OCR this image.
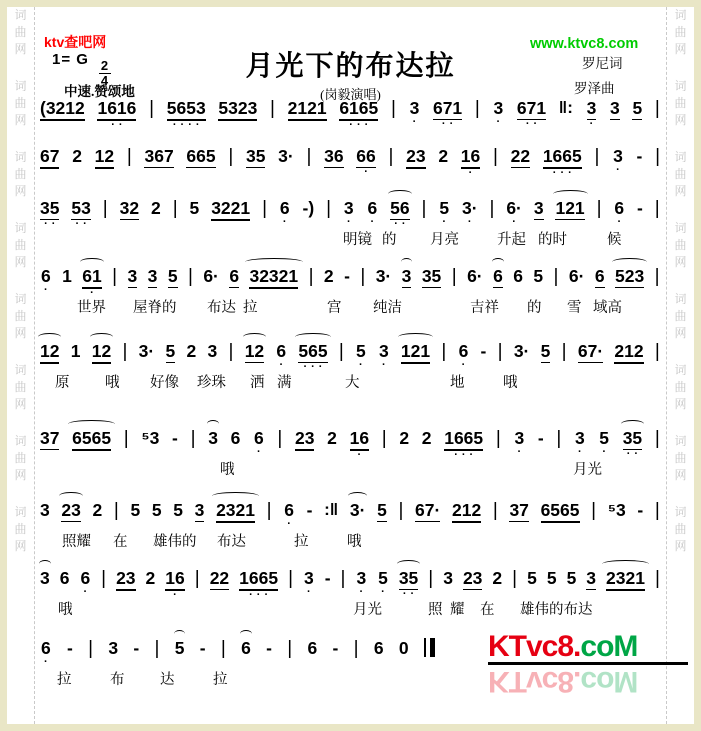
词
曲
网
词
曲
网
词
曲
网
词
曲
网
词
曲
网
词
曲
网
词
曲
网
词
曲
网
词
曲
网
词
曲
网
词
曲
网
词
曲
网
词
曲
网
词
曲
网
词
曲
网
词
曲
网
ktv查吧网
1= G
$\frac{2}{4}$
中速.赞颂地
月光下的布达拉
(岗毅演唱)
www.ktvc8.com
罗尼词
罗泽曲
(3212 1616
··
| 5653
····
5323 | 2121 6165
···
| 3
·
671
··
| 3
·
671
··
‖: 3
·
3 5 |
67 2 12 | 367 665 | 35 3· | 36 66
·
| 23 2 16
·
| 22 1665
···
| 3
·
- |
35
··
53
··
| 32 2 | 5 3221 | 6
·
-) | 3
·
6
·
56
··
| 5
·
3·
·
| 6·
·
3 121 | 6
·
- |
明镜 的 月亮	升起 的时	候
6
·
1 61
·
| 3 3 5 | 6· 6 32321 | 2 - | 3· 3 35 | 6· 6 6 5 | 6· 6 523 |
世界 屋脊的 布达 拉	宫 纯洁	吉祥 的 雪 域高
12 1 12 | 3· 5 2 3 | 12 6
·
565
···
| 5
·
3
·
121 | 6
·
- | 3· 5 | 67· 212 |
原 哦 好像 珍珠 洒 满	大	地	哦
37 6565 | ⁵3 - | 3 6 6
·
| 23 2 16
·
| 2 2 1665
···
| 3
·
- | 3
·
5
·
35
··
|
哦	月光
3 23 2 | 5 5 5 3 2321 | 6
·
- :‖ 3· 5 | 67· 212 | 37 6565 | ⁵3 - |
照耀 在 雄伟的 布达	拉	哦
3 6 6
·
| 23 2 16
·
| 22 1665
···
| 3
·
- | 3
·
5
·
35
··
| 3 23 2 | 5 5 5 3 2321 |
哦	月光	照 耀 在 雄伟的布达
6
·
- | 3 - | 5 - | 6 - | 6 - | 6 0
拉	布 达	拉
KTvc8.coM
KTvc8.coM
